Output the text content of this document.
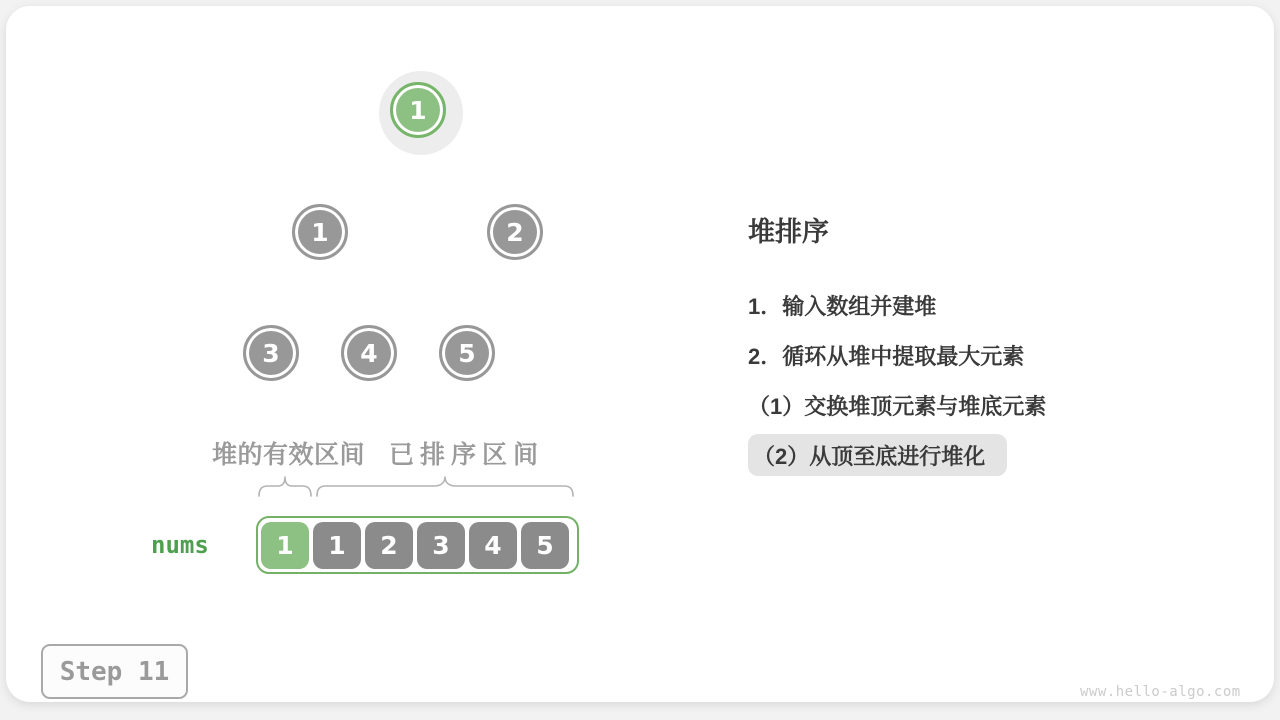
1
1	2
3	4	5
堆的有效区间 已排序区间
nums	1	1	2	3	4	5
堆排序
1．输入数组并建堆
2．循环从堆中提取最大元素
（1）交换堆顶元素与堆底元素
（2）从顶至底进行堆化
Step 11
www.hello-algo.com
